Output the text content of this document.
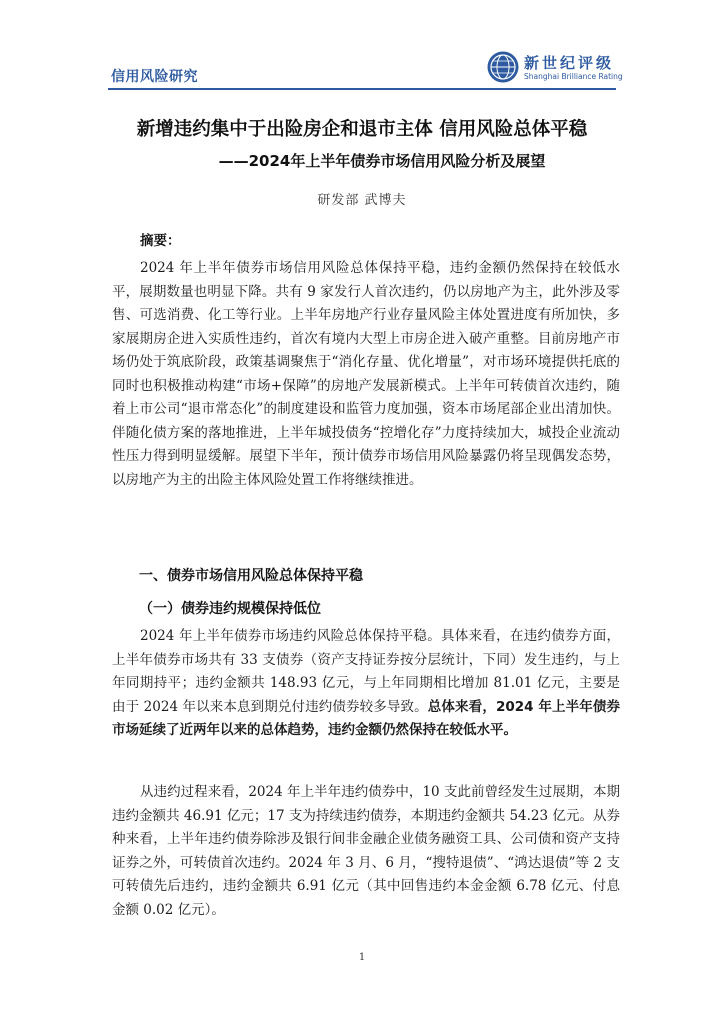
信用风险研究
新世纪评级
Shanghai Brilliance Rating
新增违约集中于出险房企和退市主体 信用风险总体平稳
——2024年上半年债券市场信用风险分析及展望
研发部 武博夫
摘要：

2024 年上半年债券市场信用风险总体保持平稳，违约金额仍然保持在较低水平，展期数量也明显下降。共有 9 家发行人首次违约，仍以房地产为主，此外涉及零售、可选消费、化工等行业。上半年房地产行业存量风险主体处置进度有所加快，多家展期房企进入实质性违约，首次有境内大型上市房企进入破产重整。目前房地产市场仍处于筑底阶段，政策基调聚焦于“消化存量、优化增量”，对市场环境提供托底的同时也积极推动构建“市场+保障”的房地产发展新模式。上半年可转债首次违约，随着上市公司“退市常态化”的制度建设和监管力度加强，资本市场尾部企业出清加快。伴随化债方案的落地推进，上半年城投债务“控增化存”力度持续加大，城投企业流动性压力得到明显缓解。展望下半年，预计债券市场信用风险暴露仍将呈现偶发态势，以房地产为主的出险主体风险处置工作将继续推进。

一、债券市场信用风险总体保持平稳
（一）债券违约规模保持低位

2024 年上半年债券市场违约风险总体保持平稳。具体来看，在违约债券方面，上半年债券市场共有 33 支债券（资产支持证券按分层统计，下同）发生违约，与上年同期持平；违约金额共 148.93 亿元，与上年同期相比增加 81.01 亿元，主要是由于 2024 年以来本息到期兑付违约债券较多导致。总体来看，2024 年上半年债券市场延续了近两年以来的总体趋势，违约金额仍然保持在较低水平。

从违约过程来看，2024 年上半年违约债券中，10 支此前曾经发生过展期，本期违约金额共 46.91 亿元；17 支为持续违约债券，本期违约金额共 54.23 亿元。从券种来看，上半年违约债券除涉及银行间非金融企业债务融资工具、公司债和资产支持证券之外，可转债首次违约。2024 年 3 月、6 月，“搜特退债”、“鸿达退债”等 2 支可转债先后违约，违约金额共 6.91 亿元（其中回售违约本金金额 6.78 亿元、付息金额 0.02 亿元）。

1
